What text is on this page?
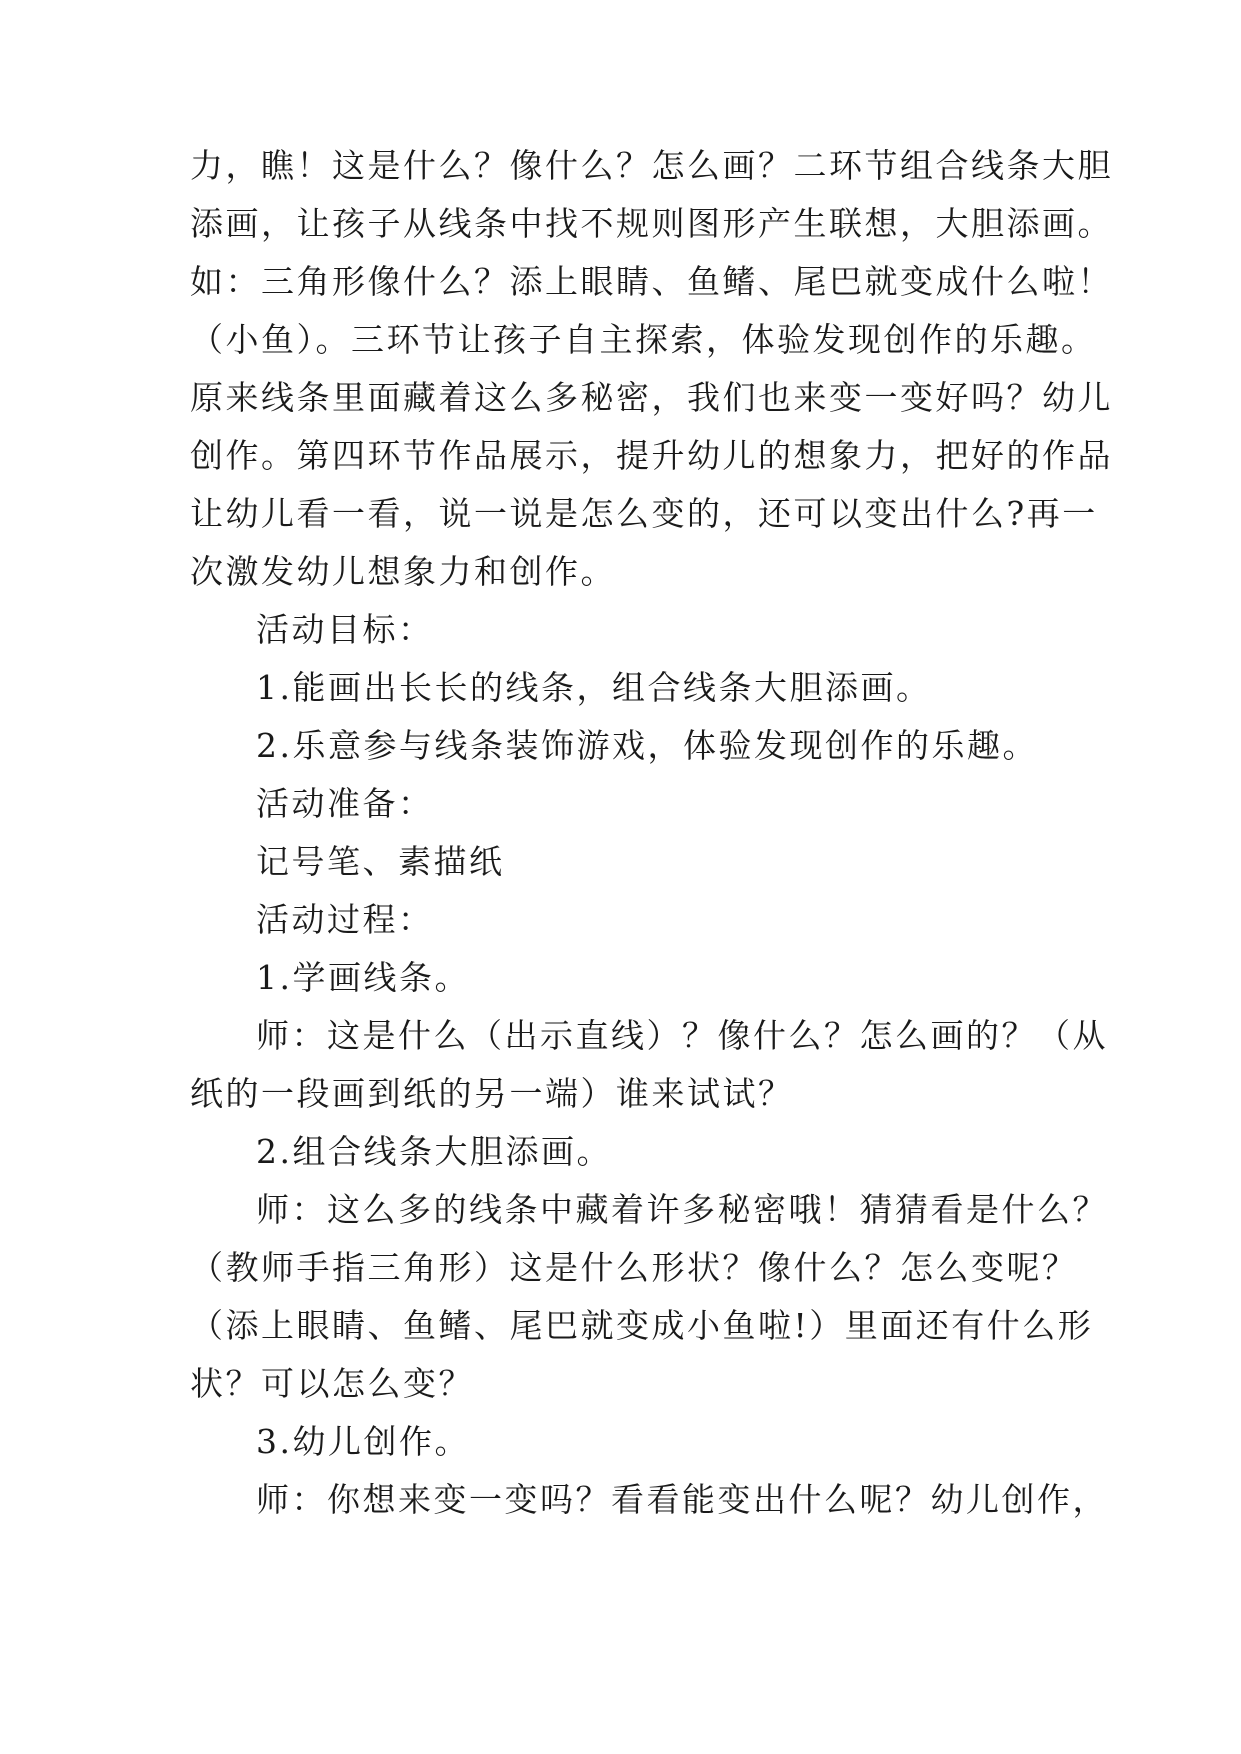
力，瞧！这是什么？像什么？怎么画？二环节组合线条大胆
添画，让孩子从线条中找不规则图形产生联想，大胆添画。
如：三角形像什么？添上眼睛、鱼鳍、尾巴就变成什么啦！
（小鱼）。三环节让孩子自主探索，体验发现创作的乐趣。
原来线条里面藏着这么多秘密，我们也来变一变好吗？幼儿
创作。第四环节作品展示，提升幼儿的想象力，把好的作品
让幼儿看一看，说一说是怎么变的，还可以变出什么?再一
次激发幼儿想象力和创作。
活动目标：
1.能画出长长的线条，组合线条大胆添画。
2.乐意参与线条装饰游戏，体验发现创作的乐趣。
活动准备：
记号笔、素描纸
活动过程：
1.学画线条。
师：这是什么（出示直线）？像什么？怎么画的？（从
纸的一段画到纸的另一端）谁来试试？
2.组合线条大胆添画。
师：这么多的线条中藏着许多秘密哦！猜猜看是什么？
（教师手指三角形）这是什么形状？像什么？怎么变呢？
（添上眼睛、鱼鳍、尾巴就变成小鱼啦!）里面还有什么形
状？可以怎么变？
3.幼儿创作。
师：你想来变一变吗？看看能变出什么呢？幼儿创作，
